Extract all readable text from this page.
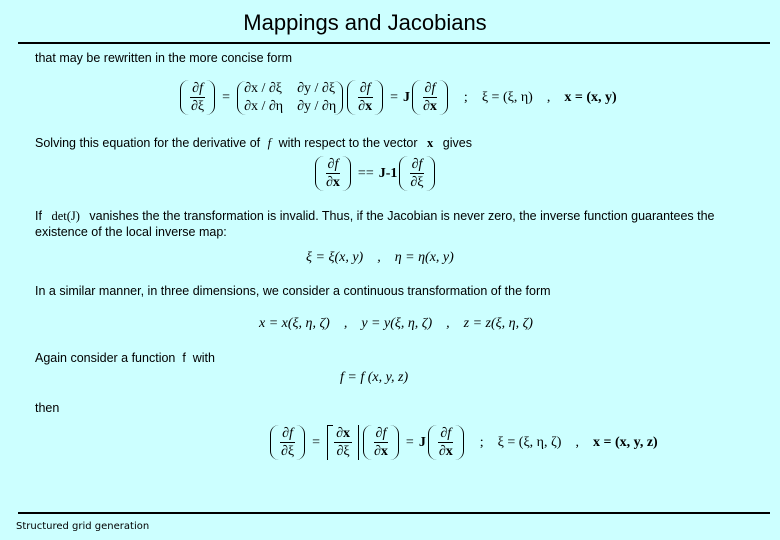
Mappings and Jacobians
that may be rewritten in the more concise form
$\frac{\partial f}{\partial\xi}$ =
∂x / ∂ξ ∂y / ∂ξ
∂x / ∂η $\partial y / \partial\eta \frac{\partial f}{\partial x} = J \frac{\partial f}{\partial x}$ ; ξ = (ξ, η) , x = (x, y)
Solving this equation for the derivative of f with respect to the vector x gives
$\frac{\partial f}{\partial x} == J-1 \frac{\partial f}{\partial\xi}$
If det(J) vanishes the the transformation is invalid. Thus, if the Jacobian is never zero, the inverse function guarantees the existence of the local inverse map:
ξ = ξ(x, y) , η = η(x, y)
In a similar manner, in three dimensions, we consider a continuous transformation of the form
x = x(ξ, η, ζ) , y = y(ξ, η, ζ) , z = z(ξ, η, ζ)
Again consider a function  f  with
f = f (x, y, z)
then
$\frac{\partial f}{\partial\xi} = \frac{\partial x}{\partial\xi} \frac{\partial f}{\partial x} = J \frac{\partial f}{\partial x}$ ; ξ = (ξ, η, ζ) , x = (x, y, z)
Structured grid generation
